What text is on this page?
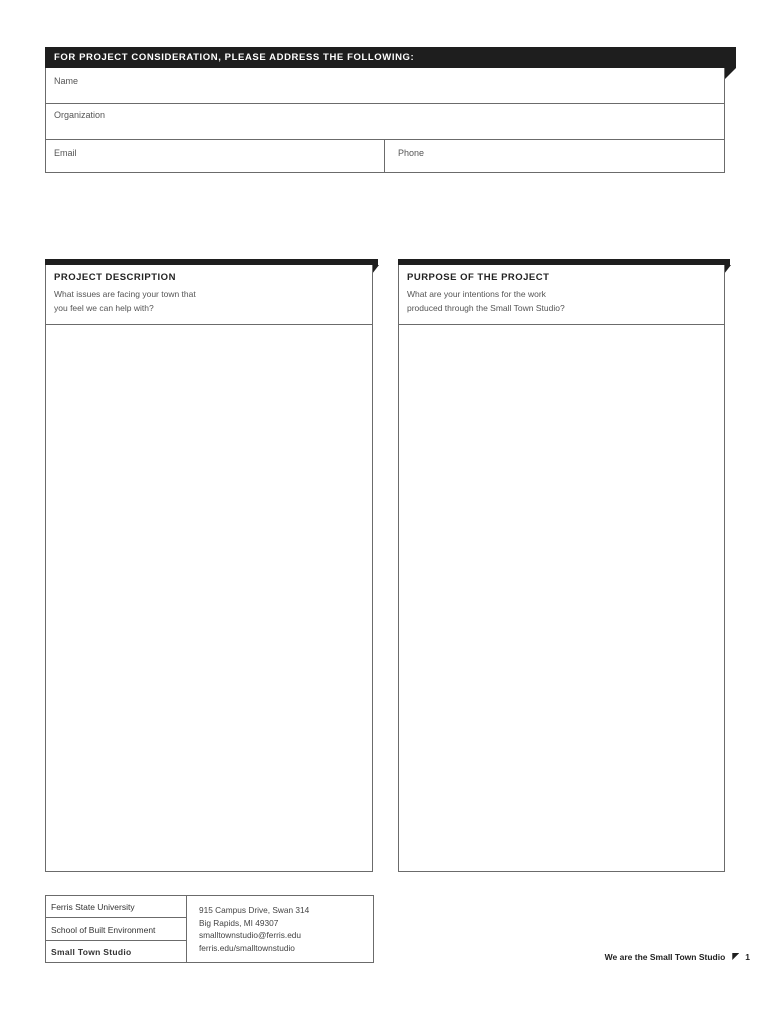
FOR PROJECT CONSIDERATION, PLEASE ADDRESS THE FOLLOWING:
Name
Organization
Email	Phone
PROJECT DESCRIPTION
What issues are facing your town that
you feel we can help with?
PURPOSE OF THE PROJECT
What are your intentions for the work
produced through the Small Town Studio?
Ferris State University
School of Built Environment
Small Town Studio
915 Campus Drive, Swan 314
Big Rapids, MI 49307
smalltownstudio@ferris.edu
ferris.edu/smalltownstudio
We are the Small Town Studio 1
